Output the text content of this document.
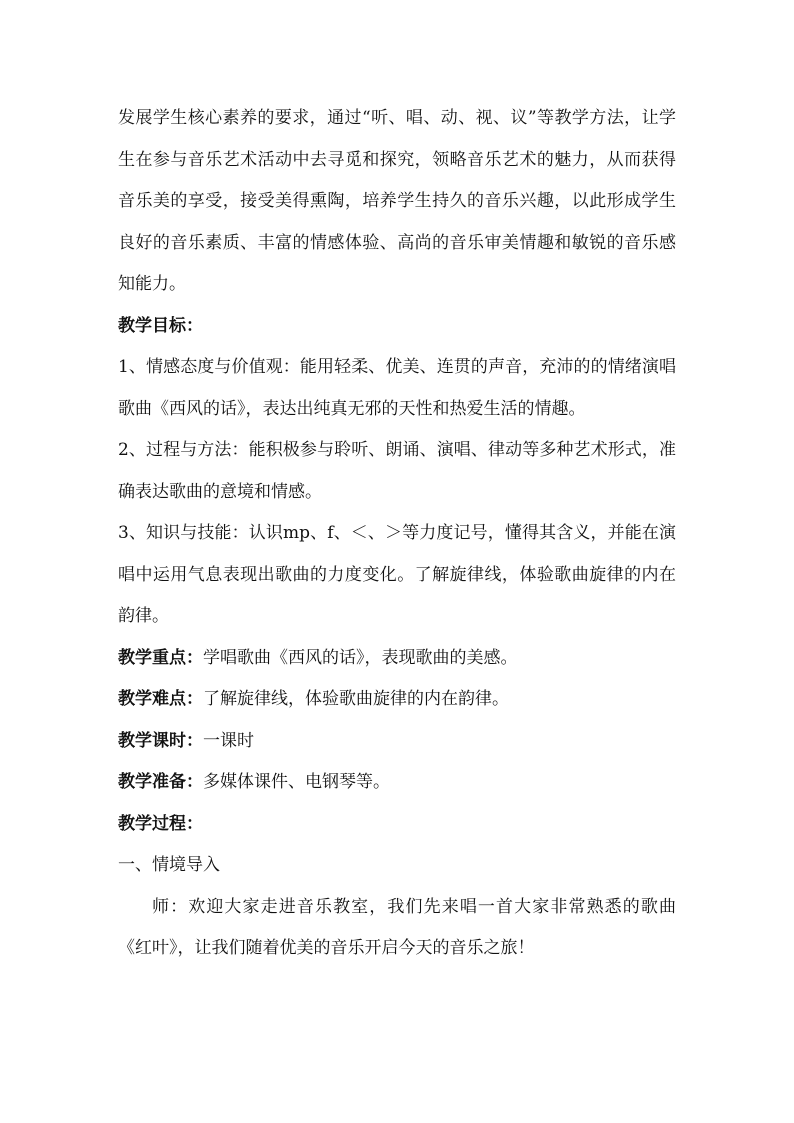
发展学生核心素养的要求，通过“听、唱、动、视、议”等教学方法，让学生在参与音乐艺术活动中去寻觅和探究，领略音乐艺术的魅力，从而获得音乐美的享受，接受美得熏陶，培养学生持久的音乐兴趣，以此形成学生良好的音乐素质、丰富的情感体验、高尚的音乐审美情趣和敏锐的音乐感知能力。

教学目标：

1、情感态度与价值观：能用轻柔、优美、连贯的声音，充沛的的情绪演唱歌曲《西风的话》，表达出纯真无邪的天性和热爱生活的情趣。

2、过程与方法：能积极参与聆听、朗诵、演唱、律动等多种艺术形式，准确表达歌曲的意境和情感。

3、知识与技能：认识mp、f、＜、＞等力度记号，懂得其含义，并能在演唱中运用气息表现出歌曲的力度变化。了解旋律线，体验歌曲旋律的内在韵律。

教学重点：学唱歌曲《西风的话》，表现歌曲的美感。

教学难点：了解旋律线，体验歌曲旋律的内在韵律。

教学课时：一课时

教学准备：多媒体课件、电钢琴等。

教学过程：

一、情境导入

师：欢迎大家走进音乐教室，我们先来唱一首大家非常熟悉的歌曲《红叶》，让我们随着优美的音乐开启今天的音乐之旅！
